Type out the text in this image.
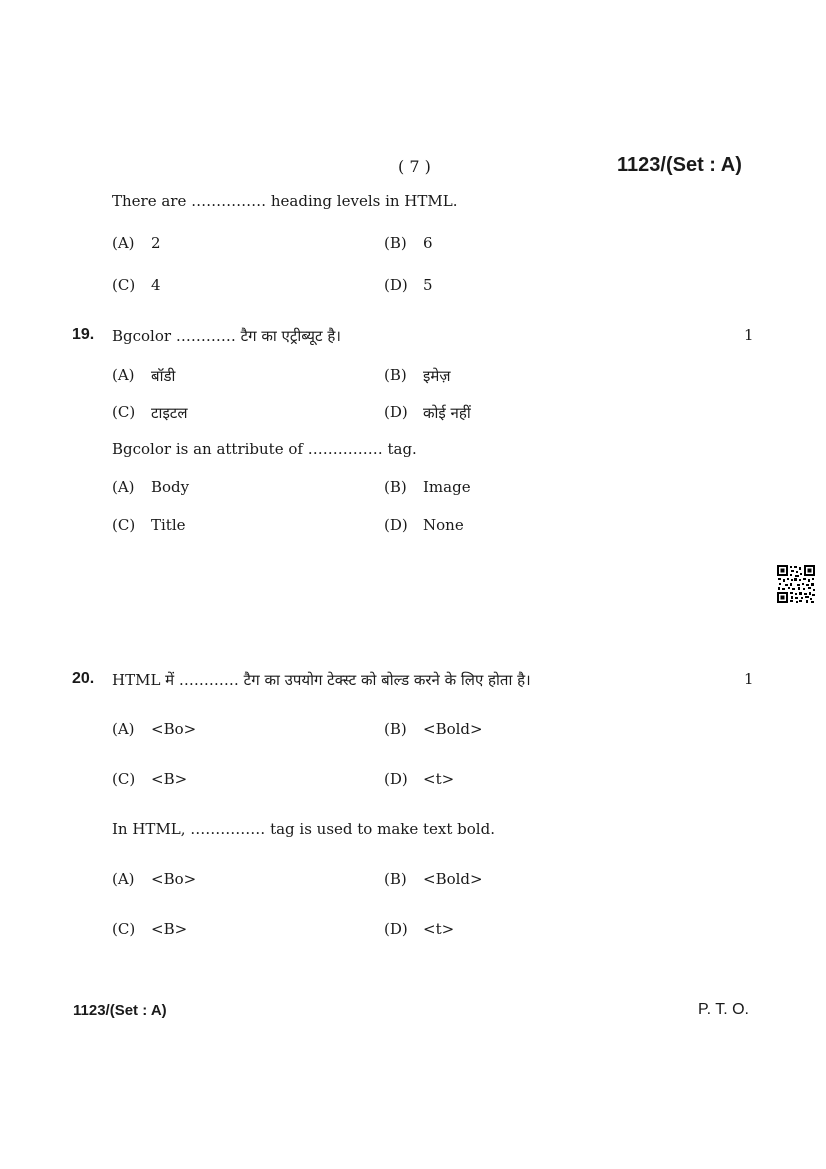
( 7 )	1123/(Set : A)
There are …………… heading levels in HTML.
(A) 2	(B) 6
(C) 4	(D) 5
19. Bgcolor ………… टैग का एट्रीब्यूट है।	1
(A) बॉडी	(B) इमेज़
(C) टाइटल	(D) कोई नहीं
Bgcolor is an attribute of …………… tag.
(A) Body	(B) Image
(C) Title	(D) None
20. HTML में ………… टैग का उपयोग टेक्स्ट को बोल्ड करने के लिए होता है।	1
(A) <Bo>	(B) <Bold>
(C) <B>	(D) <t>
In HTML, …………… tag is used to make text bold.
(A) <Bo>	(B) <Bold>
(C) <B>	(D) <t>
1123/(Set : A)	P. T. O.
